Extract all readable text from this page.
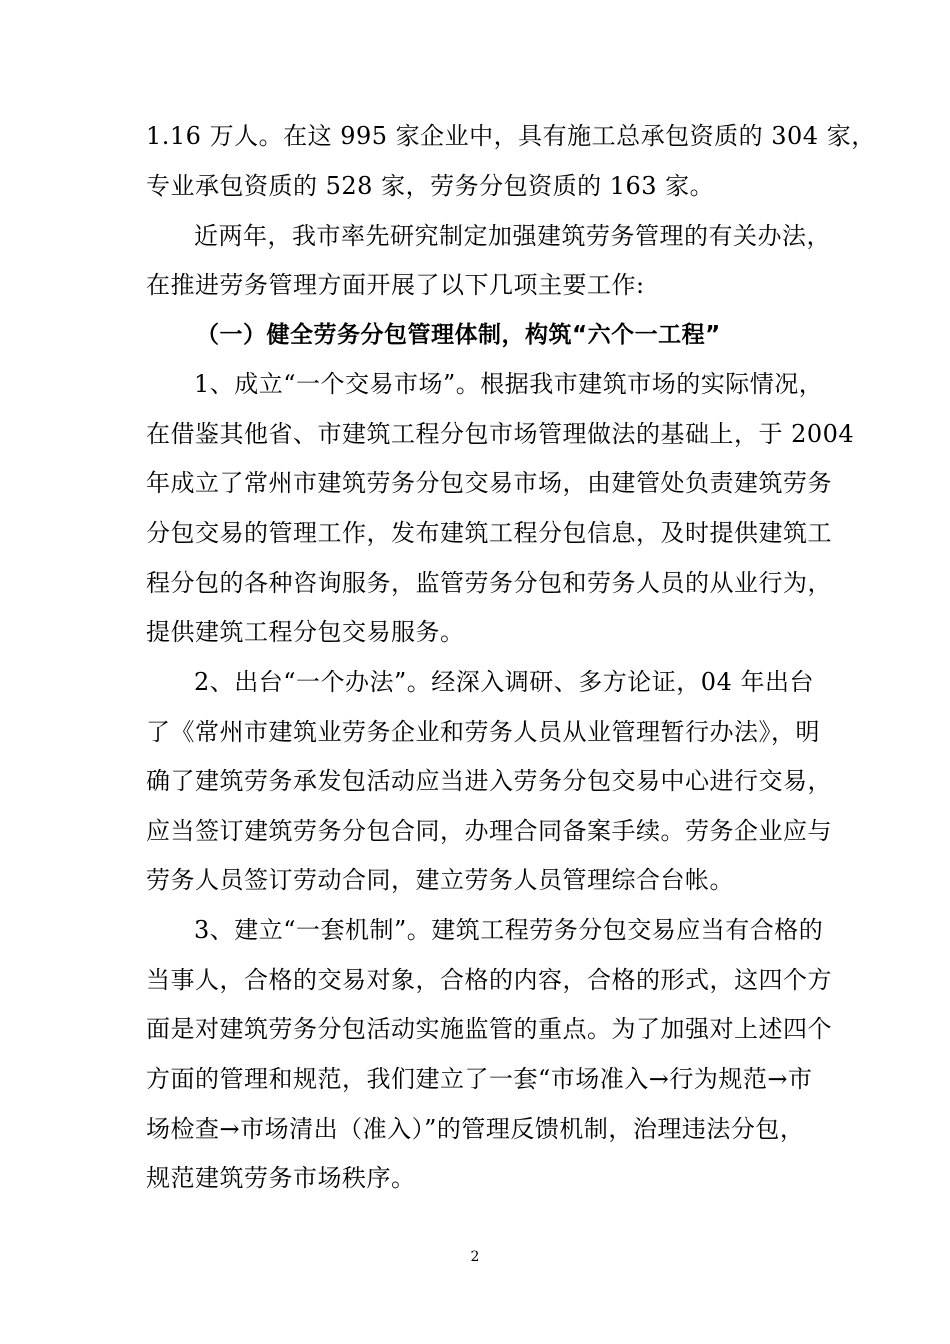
1.16 万人。在这 995 家企业中，具有施工总承包资质的 304 家，
专业承包资质的 528 家，劳务分包资质的 163 家。
近两年，我市率先研究制定加强建筑劳务管理的有关办法，
在推进劳务管理方面开展了以下几项主要工作:
（一）健全劳务分包管理体制，构筑“六个一工程”
1、成立“一个交易市场”。根据我市建筑市场的实际情况，
在借鉴其他省、市建筑工程分包市场管理做法的基础上，于 2004
年成立了常州市建筑劳务分包交易市场，由建管处负责建筑劳务
分包交易的管理工作，发布建筑工程分包信息，及时提供建筑工
程分包的各种咨询服务，监管劳务分包和劳务人员的从业行为，
提供建筑工程分包交易服务。
2、出台“一个办法”。经深入调研、多方论证，04 年出台
了《常州市建筑业劳务企业和劳务人员从业管理暂行办法》，明
确了建筑劳务承发包活动应当进入劳务分包交易中心进行交易，
应当签订建筑劳务分包合同，办理合同备案手续。劳务企业应与
劳务人员签订劳动合同，建立劳务人员管理综合台帐。
3、建立“一套机制”。建筑工程劳务分包交易应当有合格的
当事人，合格的交易对象，合格的内容，合格的形式，这四个方
面是对建筑劳务分包活动实施监管的重点。为了加强对上述四个
方面的管理和规范，我们建立了一套“市场准入→行为规范→市
场检查→市场清出（准入）”的管理反馈机制，治理违法分包，
规范建筑劳务市场秩序。
2
